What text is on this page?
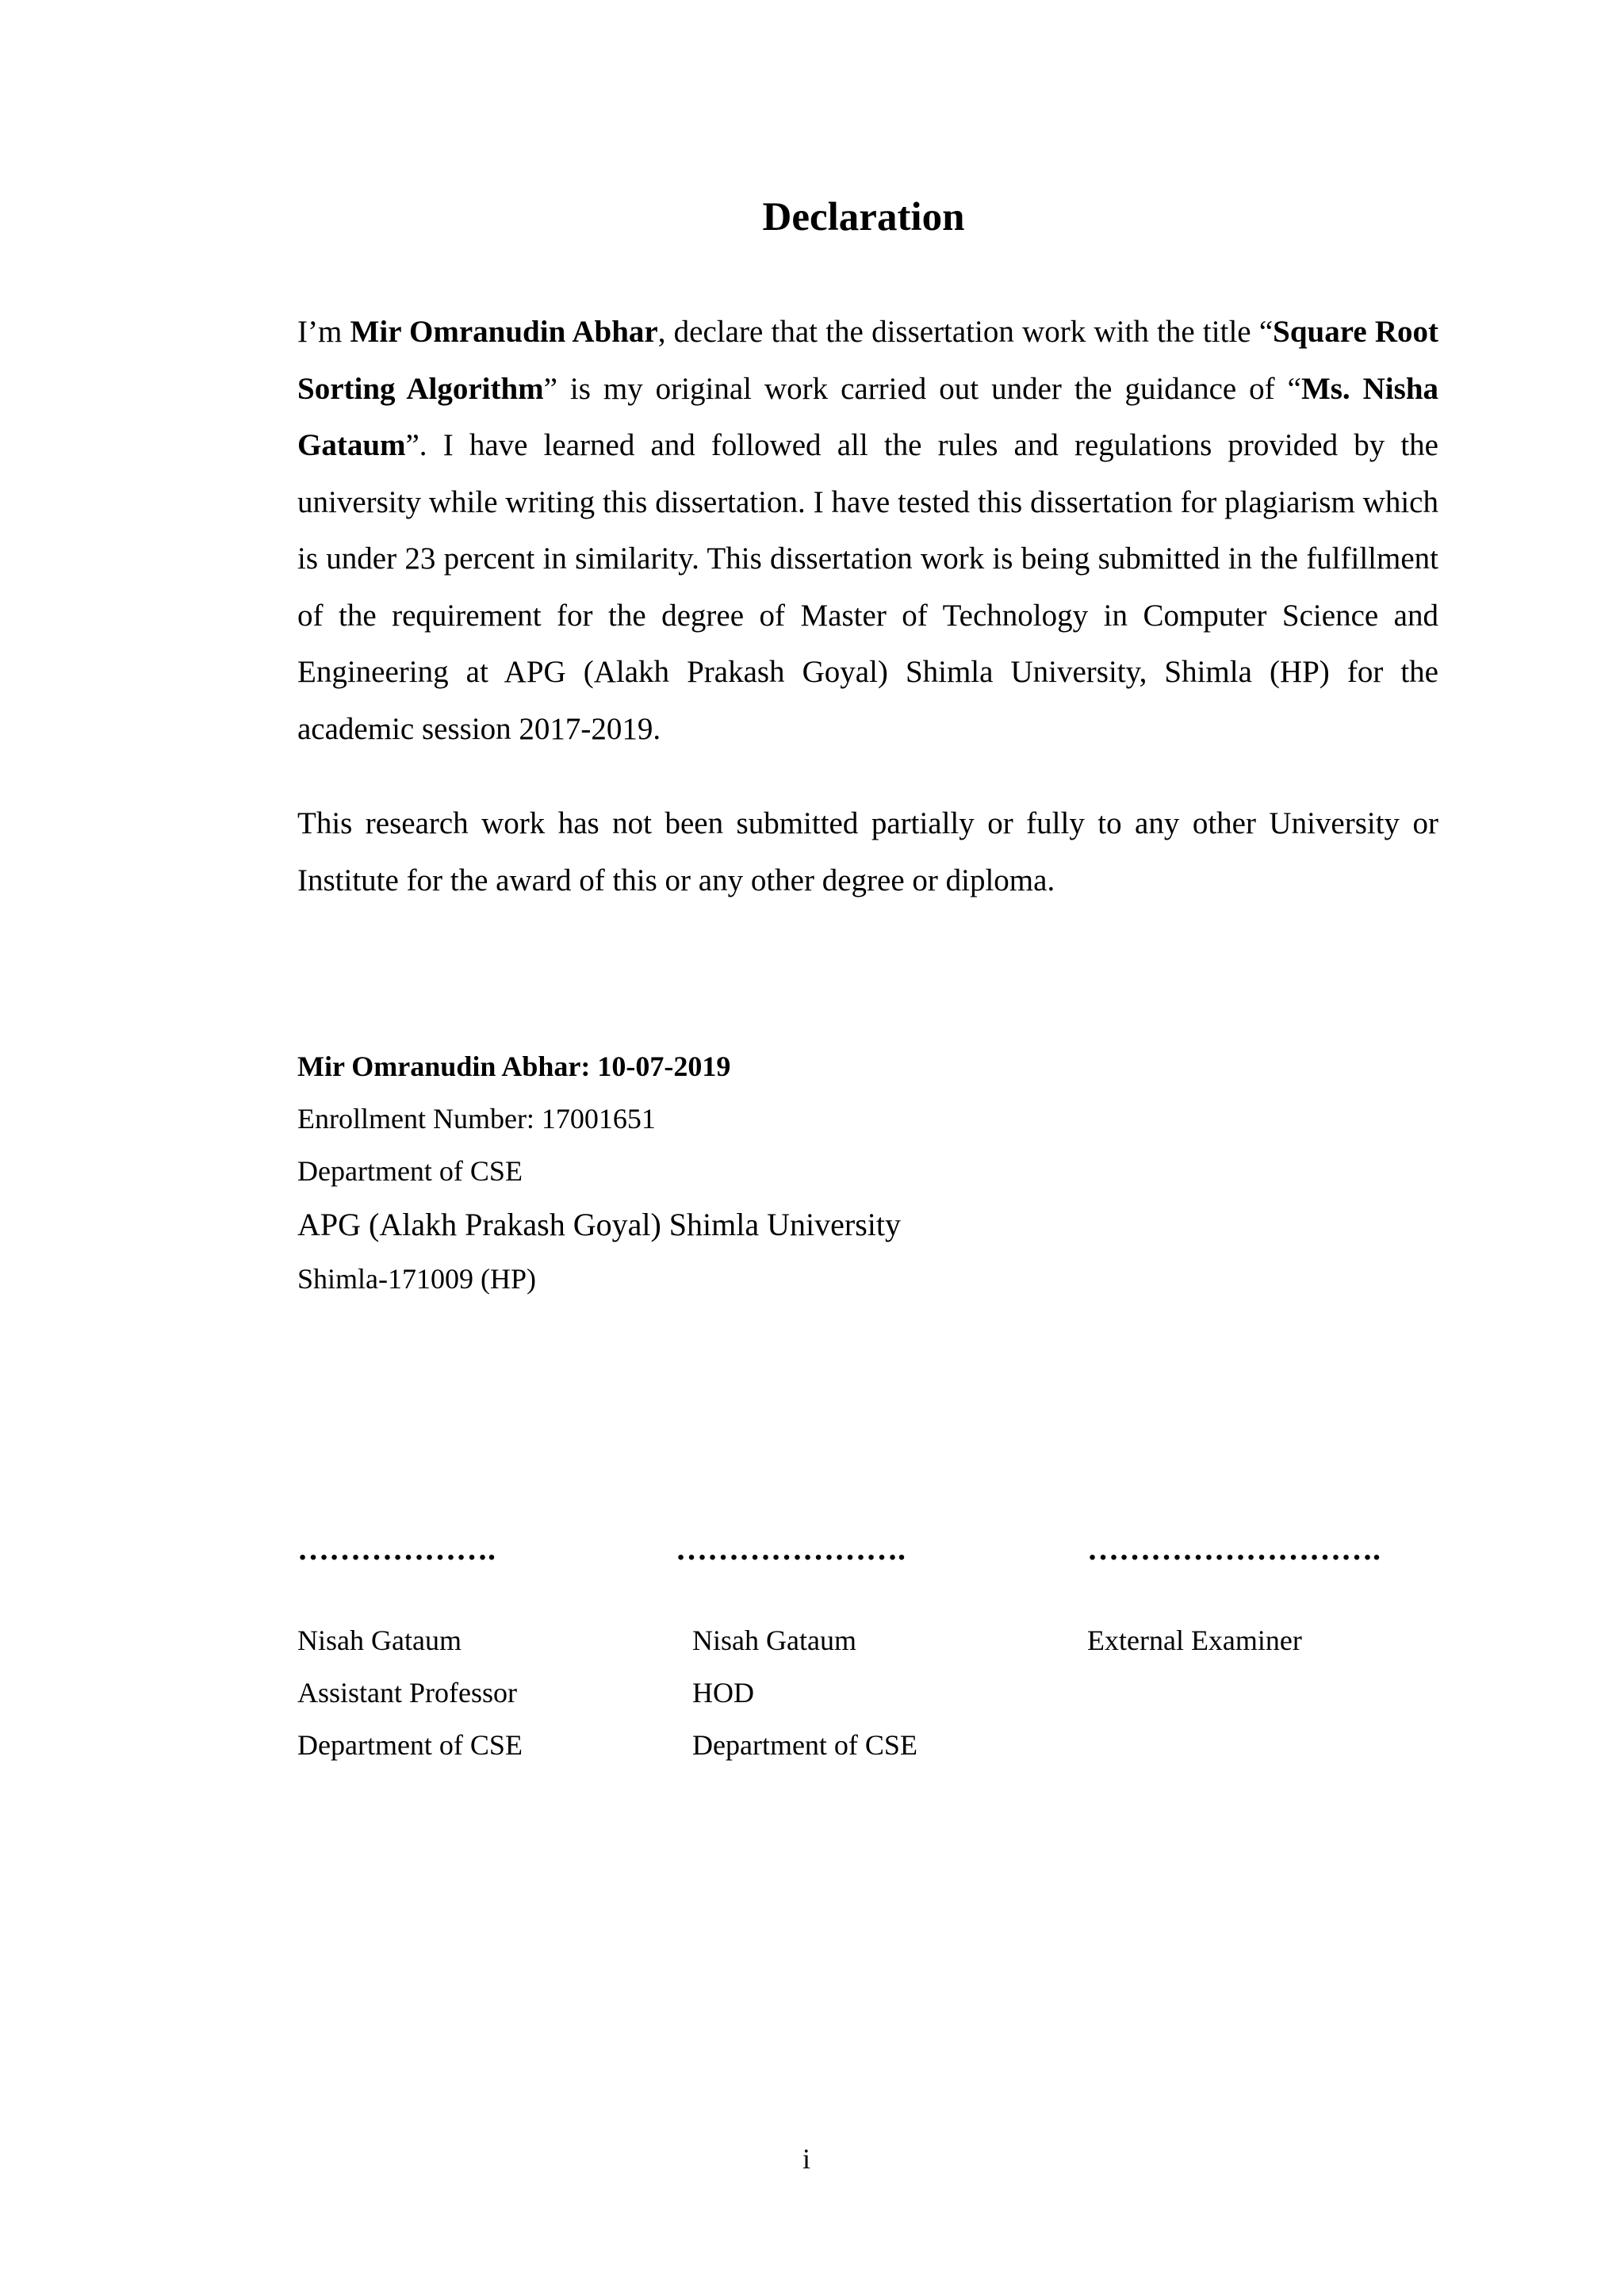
Declaration

I’m Mir Omranudin Abhar, declare that the dissertation work with the title “Square Root Sorting Algorithm” is my original work carried out under the guidance of “Ms. Nisha Gataum”. I have learned and followed all the rules and regulations provided by the university while writing this dissertation. I have tested this dissertation for plagiarism which is under 23 percent in similarity. This dissertation work is being submitted in the fulfillment of the requirement for the degree of Master of Technology in Computer Science and Engineering at APG (Alakh Prakash Goyal) Shimla University, Shimla (HP) for the academic session 2017-2019.

This research work has not been submitted partially or fully to any other University or Institute for the award of this or any other degree or diploma.

Mir Omranudin Abhar: 10-07-2019
Enrollment Number: 17001651
Department of CSE
APG (Alakh Prakash Goyal) Shimla University
Shimla-171009 (HP)
……………….	………………….	……………………….
Nisah Gataum
Assistant Professor
Department of CSE
Nisah Gataum
HOD
Department of CSE
External Examiner
i
